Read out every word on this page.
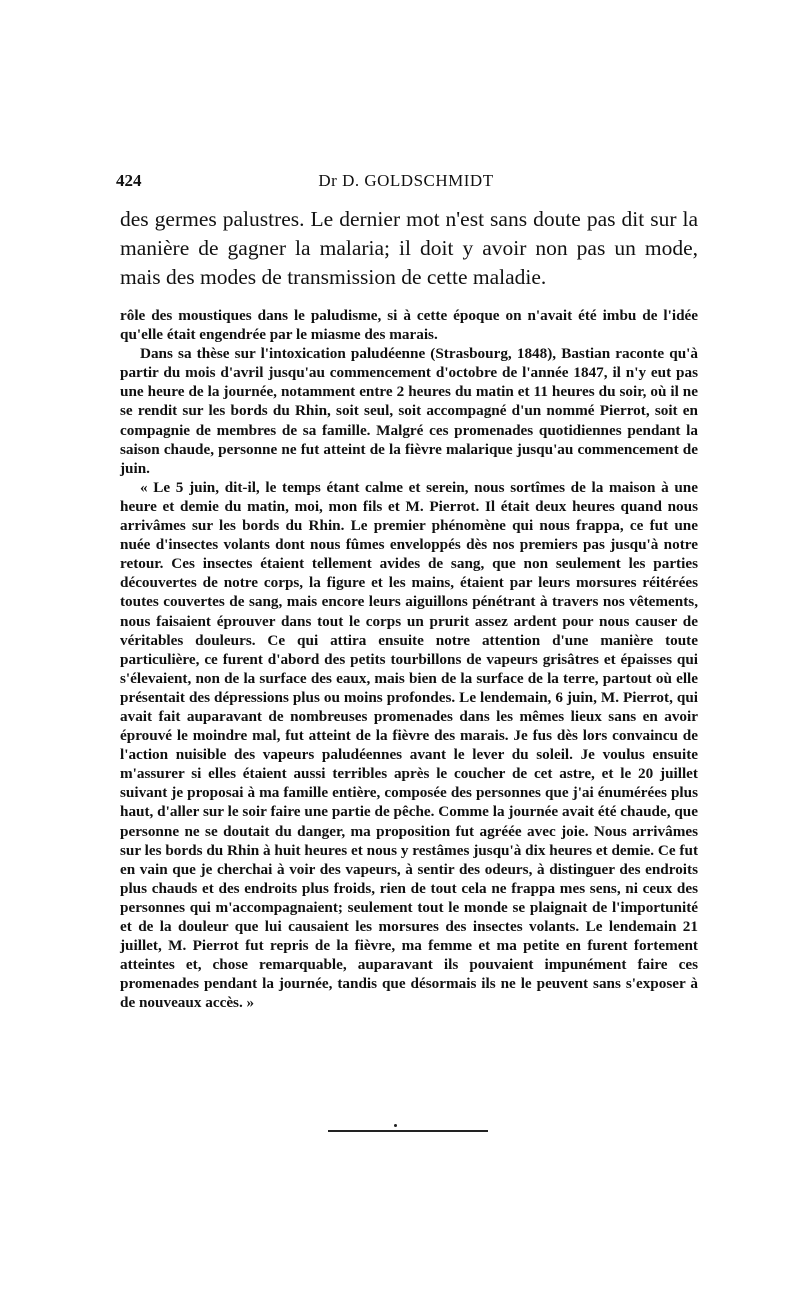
424	Dr D. GOLDSCHMIDT
des germes palustres. Le dernier mot n'est sans doute pas dit sur la manière de gagner la malaria; il doit y avoir non pas un mode, mais des modes de transmission de cette maladie.

rôle des moustiques dans le paludisme, si à cette époque on n'avait été imbu de l'idée qu'elle était engendrée par le miasme des marais.

Dans sa thèse sur l'intoxication paludéenne (Strasbourg, 1848), Bastian raconte qu'à partir du mois d'avril jusqu'au commencement d'octobre de l'année 1847, il n'y eut pas une heure de la journée, notamment entre 2 heures du matin et 11 heures du soir, où il ne se rendit sur les bords du Rhin, soit seul, soit accompagné d'un nommé Pierrot, soit en compagnie de membres de sa famille. Malgré ces promenades quotidiennes pendant la saison chaude, personne ne fut atteint de la fièvre malarique jusqu'au commencement de juin.

« Le 5 juin, dit-il, le temps étant calme et serein, nous sortîmes de la maison à une heure et demie du matin, moi, mon fils et M. Pierrot. Il était deux heures quand nous arrivâmes sur les bords du Rhin. Le premier phénomène qui nous frappa, ce fut une nuée d'insectes volants dont nous fûmes enveloppés dès nos premiers pas jusqu'à notre retour. Ces insectes étaient tellement avides de sang, que non seulement les parties découvertes de notre corps, la figure et les mains, étaient par leurs morsures réitérées toutes couvertes de sang, mais encore leurs aiguillons pénétrant à travers nos vêtements, nous faisaient éprouver dans tout le corps un prurit assez ardent pour nous causer de véritables douleurs. Ce qui attira ensuite notre attention d'une manière toute particulière, ce furent d'abord des petits tourbillons de vapeurs grisâtres et épaisses qui s'élevaient, non de la surface des eaux, mais bien de la surface de la terre, partout où elle présentait des dépressions plus ou moins profondes. Le lendemain, 6 juin, M. Pierrot, qui avait fait auparavant de nombreuses promenades dans les mêmes lieux sans en avoir éprouvé le moindre mal, fut atteint de la fièvre des marais. Je fus dès lors convaincu de l'action nuisible des vapeurs paludéennes avant le lever du soleil. Je voulus ensuite m'assurer si elles étaient aussi terribles après le coucher de cet astre, et le 20 juillet suivant je proposai à ma famille entière, composée des personnes que j'ai énumérées plus haut, d'aller sur le soir faire une partie de pêche. Comme la journée avait été chaude, que personne ne se doutait du danger, ma proposition fut agréée avec joie. Nous arrivâmes sur les bords du Rhin à huit heures et nous y restâmes jusqu'à dix heures et demie. Ce fut en vain que je cherchai à voir des vapeurs, à sentir des odeurs, à distinguer des endroits plus chauds et des endroits plus froids, rien de tout cela ne frappa mes sens, ni ceux des personnes qui m'accompagnaient; seulement tout le monde se plaignait de l'importunité et de la douleur que lui causaient les morsures des insectes volants. Le lendemain 21 juillet, M. Pierrot fut repris de la fièvre, ma femme et ma petite en furent fortement atteintes et, chose remarquable, auparavant ils pouvaient impunément faire ces promenades pendant la journée, tandis que désormais ils ne le peuvent sans s'exposer à de nouveaux accès. »
